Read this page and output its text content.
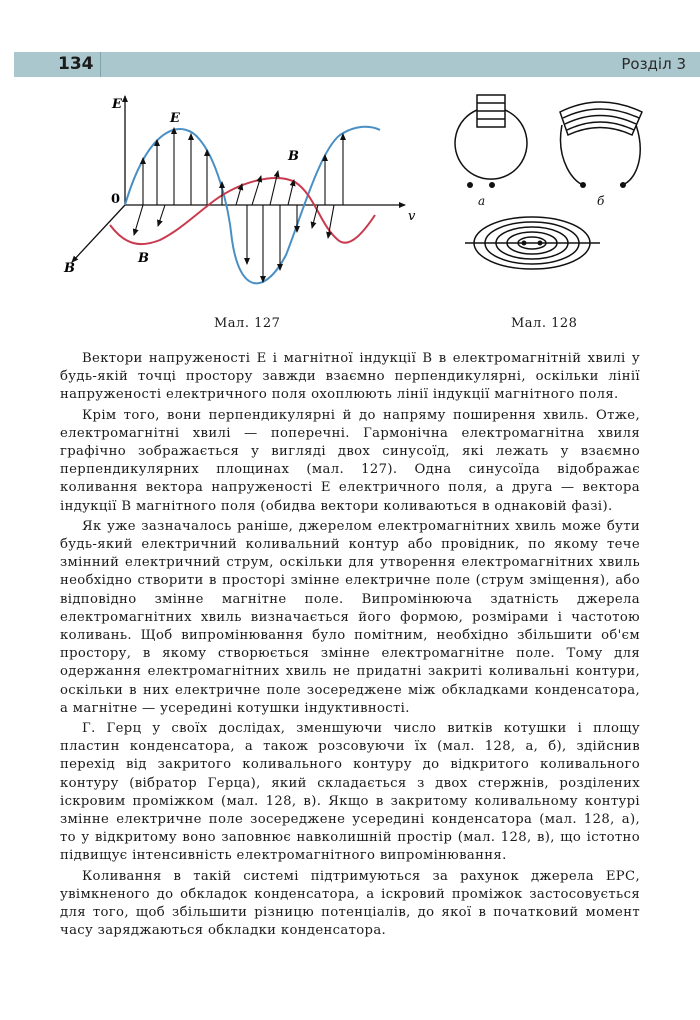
134	Розділ 3
E
E
B
B
B
0
v
а	б
Мал. 127	Мал. 128

Вектори напруженості E і магнітної індукції B в електромагнітній хвилі у будь-якій точці простору завжди взаємно перпендикулярні, оскільки лінії напруженості електричного поля охоплюють лінії індукції магнітного поля.

Крім того, вони перпендикулярні й до напряму поширення хвиль. Отже, електромагнітні хвилі — поперечні. Гармонічна електромагнітна хвиля графічно зображається у вигляді двох синусоїд, які лежать у взаємно перпендикулярних площинах (мал. 127). Одна синусоїда відображає коливання вектора напруженості E електричного поля, а друга — вектора індукції B магнітного поля (обидва вектори коливаються в однаковій фазі).

Як уже зазначалось раніше, джерелом електромагнітних хвиль може бути будь-який електричний коливальний контур або провідник, по якому тече змінний електричний струм, оскільки для утворення електромагнітних хвиль необхідно створити в просторі змінне електричне поле (струм зміщення), або відповідно змінне магнітне поле. Випромінююча здатність джерела електромагнітних хвиль визначається його формою, розмірами і частотою коливань. Щоб випромінювання було помітним, необхідно збільшити об'єм простору, в якому створюється змінне електромагнітне поле. Тому для одержання електромагнітних хвиль не придатні закриті коливальні контури, оскільки в них електричне поле зосереджене між обкладками конденсатора, а магнітне — усередині котушки індуктивності.

Г. Герц у своїх дослідах, зменшуючи число витків котушки і площу пластин конденсатора, а також розсовуючи їх (мал. 128, а, б), здійснив перехід від закритого коливального контуру до відкритого коливального контуру (вібратор Герца), який складається з двох стержнів, розділених іскровим проміжком (мал. 128, в). Якщо в закритому коливальному контурі змінне електричне поле зосереджене усередині конденсатора (мал. 128, а), то у відкритому воно заповнює навколишній простір (мал. 128, в), що істотно підвищує інтенсивність електромагнітного випромінювання.

Коливання в такій системі підтримуються за рахунок джерела ЕРС, увімкненого до обкладок конденсатора, а іскровий проміжок застосовується для того, щоб збільшити різницю потенціалів, до якої в початковий момент часу заряджаються обкладки конденсатора.
